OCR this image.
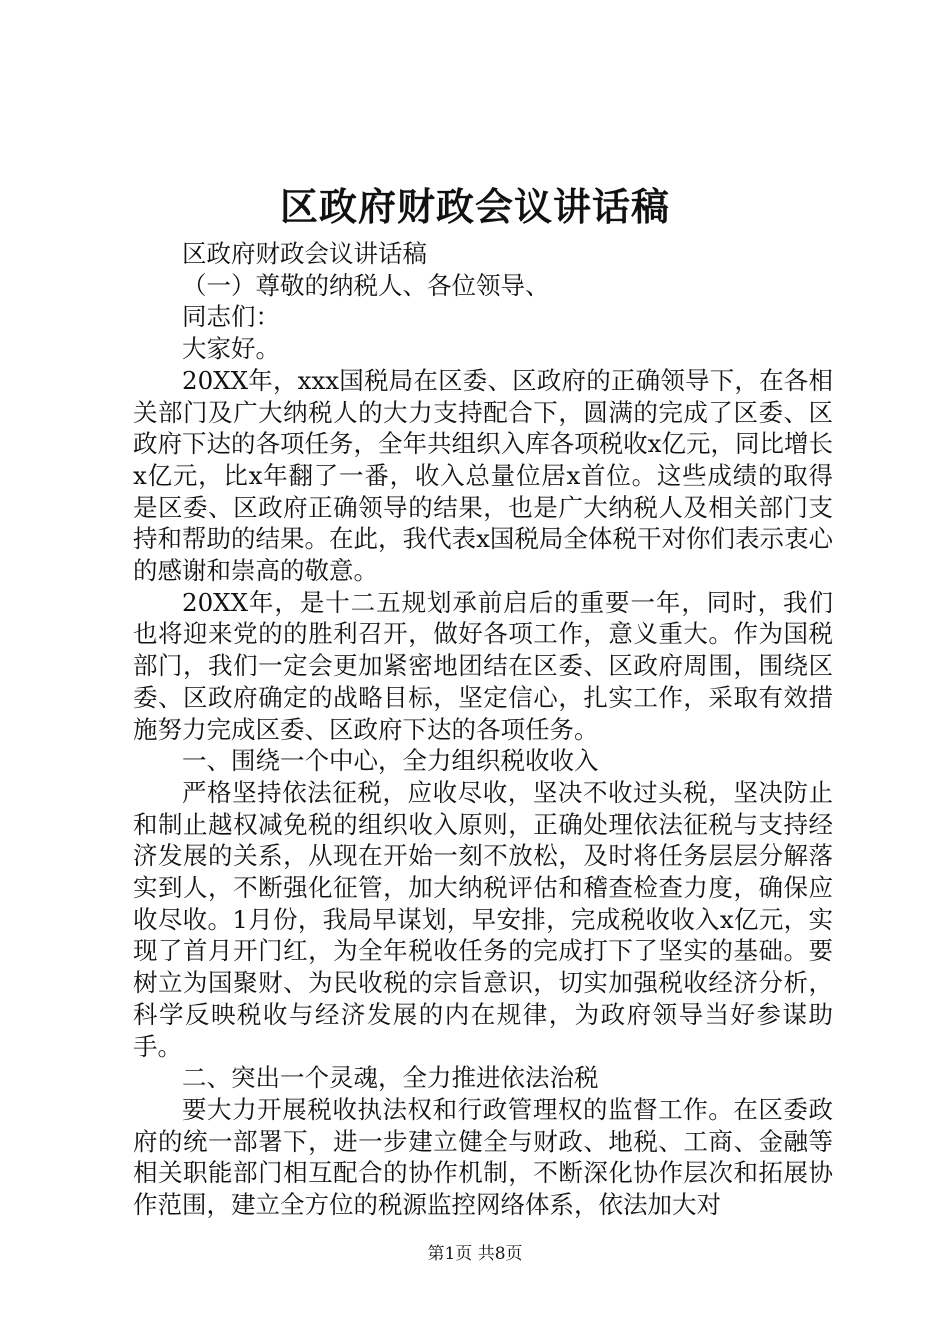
区政府财政会议讲话稿

区政府财政会议讲话稿

（一）尊敬的纳税人、各位领导、

同志们：

大家好。

20XX年，xxx国税局在区委、区政府的正确领导下，在各相关部门及广大纳税人的大力支持配合下，圆满的完成了区委、区政府下达的各项任务，全年共组织入库各项税收x亿元，同比增长x亿元，比x年翻了一番，收入总量位居x首位。这些成绩的取得是区委、区政府正确领导的结果，也是广大纳税人及相关部门支持和帮助的结果。在此，我代表x国税局全体税干对你们表示衷心的感谢和崇高的敬意。

20XX年，是十二五规划承前启后的重要一年，同时，我们也将迎来党的的胜利召开，做好各项工作，意义重大。作为国税部门，我们一定会更加紧密地团结在区委、区政府周围，围绕区委、区政府确定的战略目标，坚定信心，扎实工作，采取有效措施努力完成区委、区政府下达的各项任务。

一、围绕一个中心，全力组织税收收入

严格坚持依法征税，应收尽收，坚决不收过头税，坚决防止和制止越权减免税的组织收入原则，正确处理依法征税与支持经济发展的关系，从现在开始一刻不放松，及时将任务层层分解落实到人，不断强化征管，加大纳税评估和稽查检查力度，确保应收尽收。1月份，我局早谋划，早安排，完成税收收入x亿元，实现了首月开门红，为全年税收任务的完成打下了坚实的基础。要树立为国聚财、为民收税的宗旨意识，切实加强税收经济分析，科学反映税收与经济发展的内在规律，为政府领导当好参谋助手。

二、突出一个灵魂，全力推进依法治税

要大力开展税收执法权和行政管理权的监督工作。在区委政府的统一部署下，进一步建立健全与财政、地税、工商、金融等相关职能部门相互配合的协作机制，不断深化协作层次和拓展协作范围，建立全方位的税源监控网络体系，依法加大对

第1页 共8页
